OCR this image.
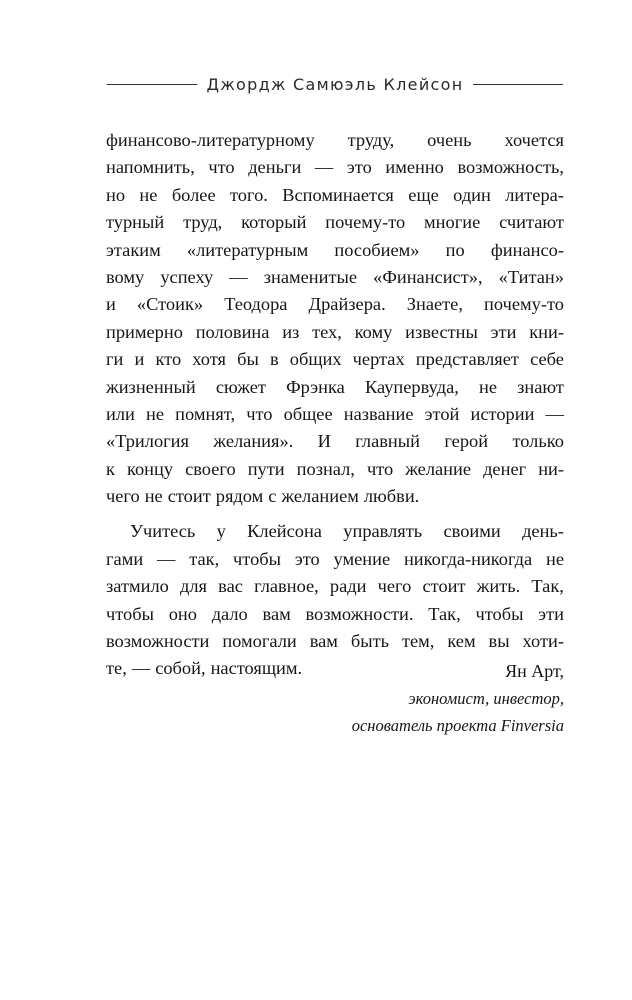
Джордж Самюэль Клейсон
финансово-литературному труду, очень хочется
напомнить, что деньги — это именно возможность,
но не более того. Вспоминается еще один литера-
турный труд, который почему-то многие считают
этаким «литературным пособием» по финансо-
вому успеху — знаменитые «Финансист», «Титан»
и «Стоик» Теодора Драйзера. Знаете, почему-то
примерно половина из тех, кому известны эти кни-
ги и кто хотя бы в общих чертах представляет себе
жизненный сюжет Фрэнка Каупервуда, не знают
или не помнят, что общее название этой истории —
«Трилогия желания». И главный герой только
к концу своего пути познал, что желание денег ни-
чего не стоит рядом с желанием любви.
Учитесь у Клейсона управлять своими день-
гами — так, чтобы это умение никогда-никогда не
затмило для вас главное, ради чего стоит жить. Так,
чтобы оно дало вам возможности. Так, чтобы эти
возможности помогали вам быть тем, кем вы хоти-
те, — собой, настоящим.	Ян Арт,
экономист, инвестор,
основатель проекта Finversia
